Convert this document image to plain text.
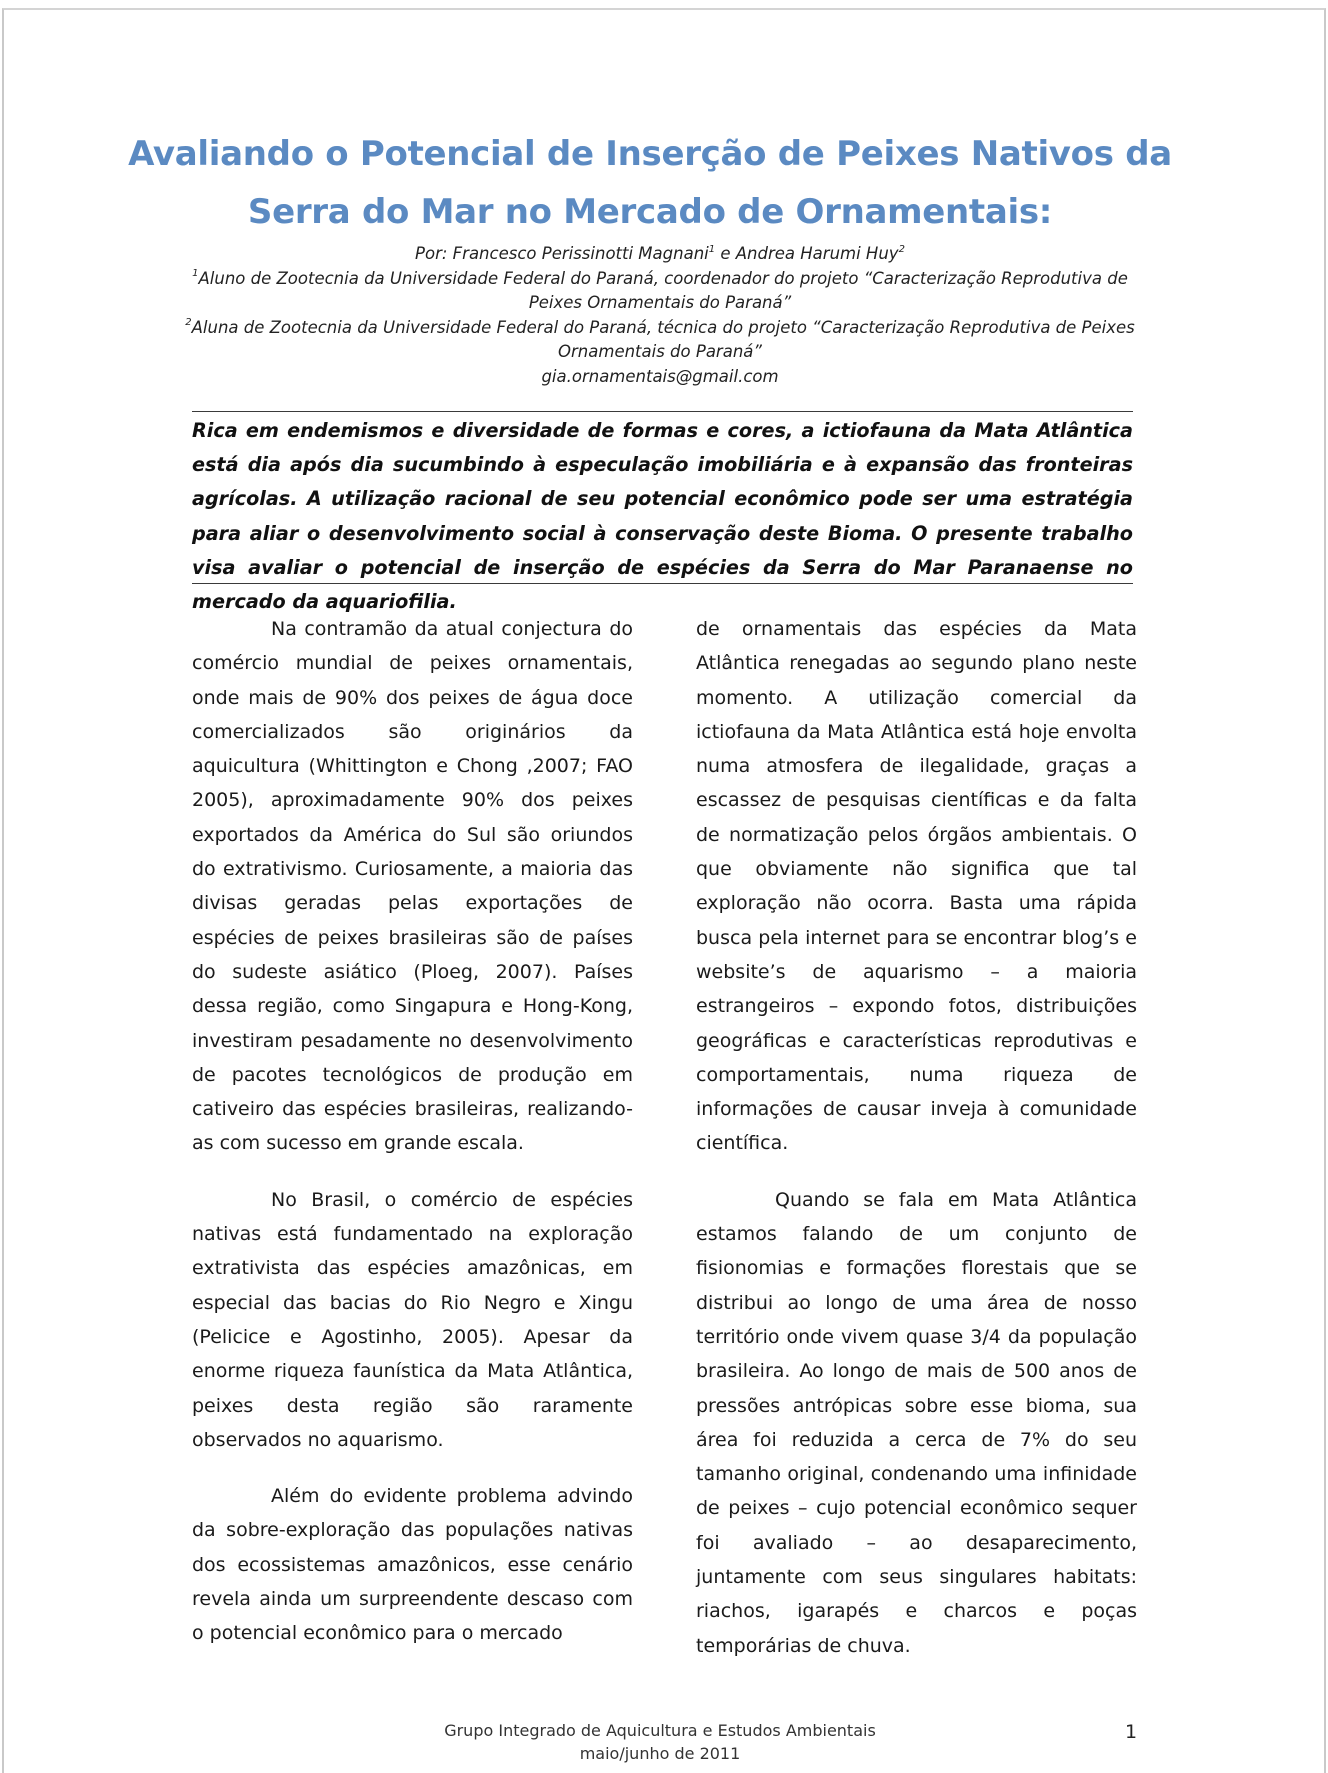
Avaliando o Potencial de Inserção de Peixes Nativos da
Serra do Mar no Mercado de Ornamentais:
Por: Francesco Perissinotti Magnani$^1$ e Andrea Harumi Huy$^2$
$^1$Aluno de Zootecnia da Universidade Federal do Paraná, coordenador do projeto “Caracterização Reprodutiva de Peixes Ornamentais do Paraná”
$^2$Aluna de Zootecnia da Universidade Federal do Paraná, técnica do projeto “Caracterização Reprodutiva de Peixes Ornamentais do Paraná”
gia.ornamentais@gmail.com
Rica em endemismos e diversidade de formas e cores, a ictiofauna da Mata Atlântica está dia após dia sucumbindo à especulação imobiliária e à expansão das fronteiras agrícolas. A utilização racional de seu potencial econômico pode ser uma estratégia para aliar o desenvolvimento social à conservação deste Bioma. O presente trabalho visa avaliar o potencial de inserção de espécies da Serra do Mar Paranaense no mercado da aquariofilia.

Na contramão da atual conjectura do comércio mundial de peixes ornamentais, onde mais de 90% dos peixes de água doce comercializados são originários da aquicultura (Whittington e Chong ,2007; FAO 2005), aproximadamente 90% dos peixes exportados da América do Sul são oriundos do extrativismo. Curiosamente, a maioria das divisas geradas pelas exportações de espécies de peixes brasileiras são de países do sudeste asiático (Ploeg, 2007). Países dessa região, como Singapura e Hong-Kong, investiram pesadamente no desenvolvimento de pacotes tecnológicos de produção em cativeiro das espécies brasileiras, realizando-as com sucesso em grande escala.

No Brasil, o comércio de espécies nativas está fundamentado na exploração extrativista das espécies amazônicas, em especial das bacias do Rio Negro e Xingu (Pelicice e Agostinho, 2005). Apesar da enorme riqueza faunística da Mata Atlântica, peixes desta região são raramente observados no aquarismo.

Além do evidente problema advindo da sobre-exploração das populações nativas dos ecossistemas amazônicos, esse cenário revela ainda um surpreendente descaso com o potencial econômico para o mercado

de ornamentais das espécies da Mata Atlântica renegadas ao segundo plano neste momento. A utilização comercial da ictiofauna da Mata Atlântica está hoje envolta numa atmosfera de ilegalidade, graças a escassez de pesquisas científicas e da falta de normatização pelos órgãos ambientais. O que obviamente não significa que tal exploração não ocorra. Basta uma rápida busca pela internet para se encontrar blog’s e website’s de aquarismo – a maioria estrangeiros – expondo fotos, distribuições geográficas e características reprodutivas e comportamentais, numa riqueza de informações de causar inveja à comunidade científica.

Quando se fala em Mata Atlântica estamos falando de um conjunto de fisionomias e formações florestais que se distribui ao longo de uma área de nosso território onde vivem quase 3/4 da população brasileira. Ao longo de mais de 500 anos de pressões antrópicas sobre esse bioma, sua área foi reduzida a cerca de 7% do seu tamanho original, condenando uma infinidade de peixes – cujo potencial econômico sequer foi avaliado – ao desaparecimento, juntamente com seus singulares habitats: riachos, igarapés e charcos e poças temporárias de chuva.

Grupo Integrado de Aquicultura e Estudos Ambientais
maio/junho de 2011
1
